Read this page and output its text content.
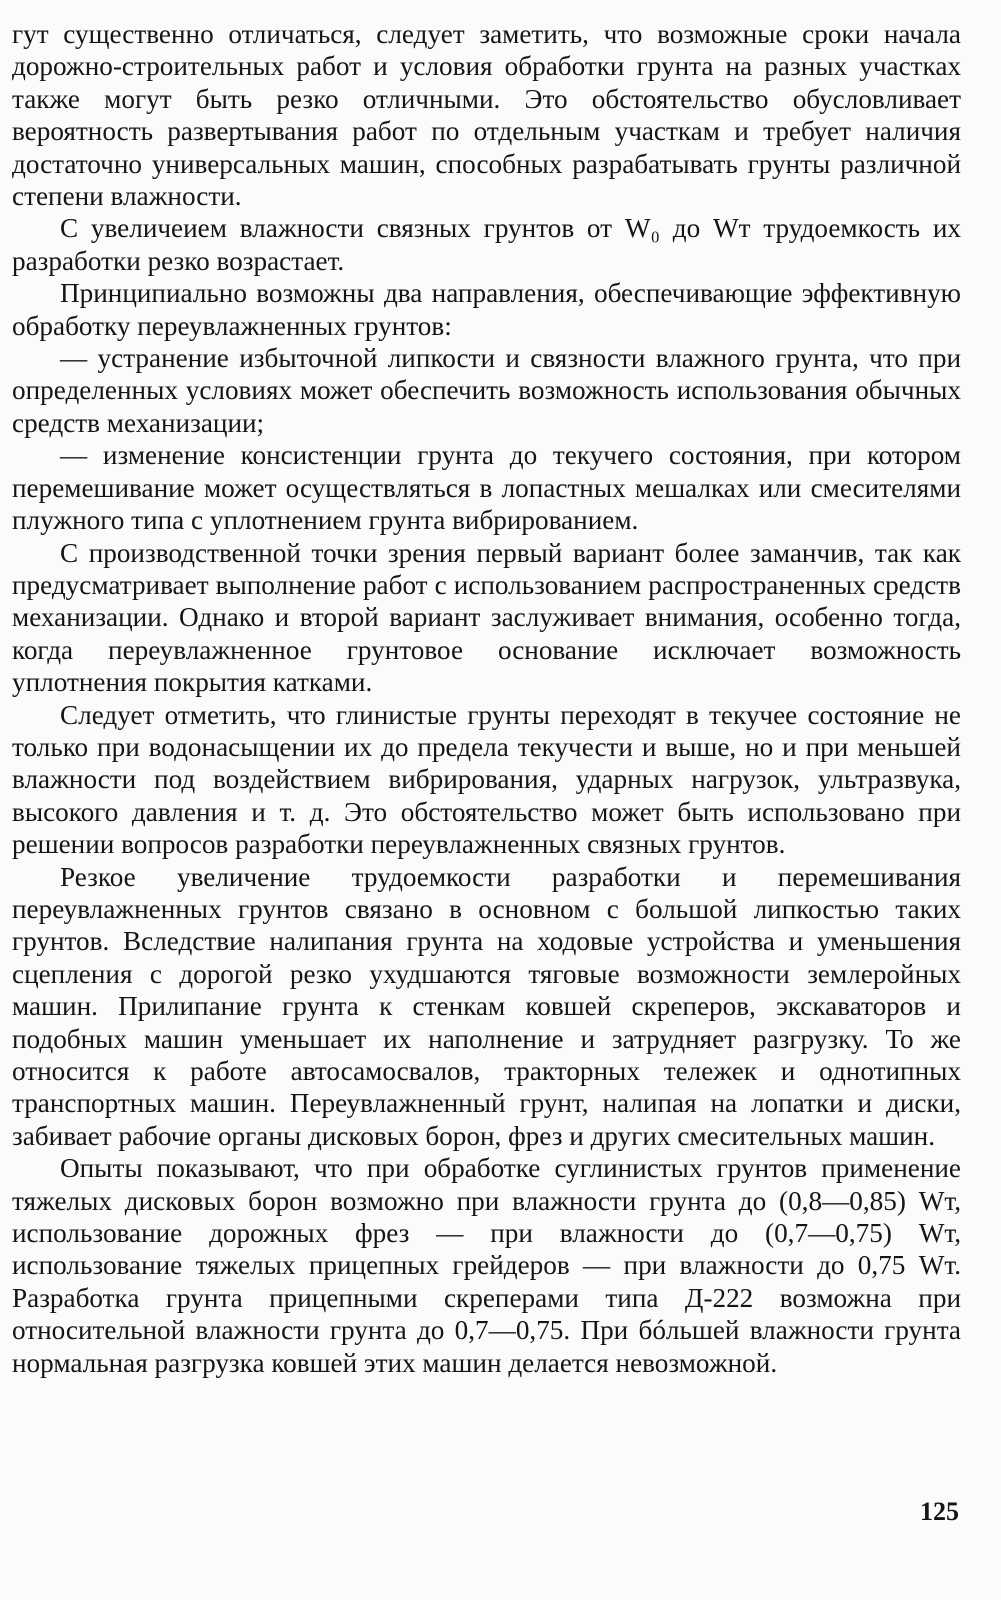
гут существенно отличаться, следует заметить, что возможные сроки начала дорожно-строительных работ и условия обработки грунта на разных участках также могут быть резко отличными. Это обстоятельство обусловливает вероятность развертывания работ по отдельным участкам и требует наличия достаточно универсальных машин, способных разрабатывать грунты различной степени влажности.

С увеличеием влажности связных грунтов от W₀ до Wт трудоемкость их разработки резко возрастает.

Принципиально возможны два направления, обеспечивающие эффективную обработку переувлажненных грунтов:

— устранение избыточной липкости и связности влажного грунта, что при определенных условиях может обеспечить возможность использования обычных средств механизации;

— изменение консистенции грунта до текучего состояния, при котором перемешивание может осуществляться в лопастных мешалках или смесителями плужного типа с уплотнением грунта вибрированием.

С производственной точки зрения первый вариант более заманчив, так как предусматривает выполнение работ с использованием распространенных средств механизации. Однако и второй вариант заслуживает внимания, особенно тогда, когда переувлажненное грунтовое основание исключает возможность уплотнения покрытия катками.

Следует отметить, что глинистые грунты переходят в текучее состояние не только при водонасыщении их до предела текучести и выше, но и при меньшей влажности под воздействием вибрирования, ударных нагрузок, ультразвука, высокого давления и т. д. Это обстоятельство может быть использовано при решении вопросов разработки переувлажненных связных грунтов.

Резкое увеличение трудоемкости разработки и перемешивания переувлажненных грунтов связано в основном с большой липкостью таких грунтов. Вследствие налипания грунта на ходовые устройства и уменьшения сцепления с дорогой резко ухудшаются тяговые возможности землеройных машин. Прилипание грунта к стенкам ковшей скреперов, экскаваторов и подобных машин уменьшает их наполнение и затрудняет разгрузку. То же относится к работе автосамосвалов, тракторных тележек и однотипных транспортных машин. Переувлажненный грунт, налипая на лопатки и диски, забивает рабочие органы дисковых борон, фрез и других смесительных машин.

Опыты показывают, что при обработке суглинистых грунтов применение тяжелых дисковых борон возможно при влажности грунта до (0,8—0,85) Wт, использование дорожных фрез — при влажности до (0,7—0,75) Wт, использование тяжелых прицепных грейдеров — при влажности до 0,75 Wт. Разработка грунта прицепными скреперами типа Д-222 возможна при относительной влажности грунта до 0,7—0,75. При бóльшей влажности грунта нормальная разгрузка ковшей этих машин делается невозможной.

125
